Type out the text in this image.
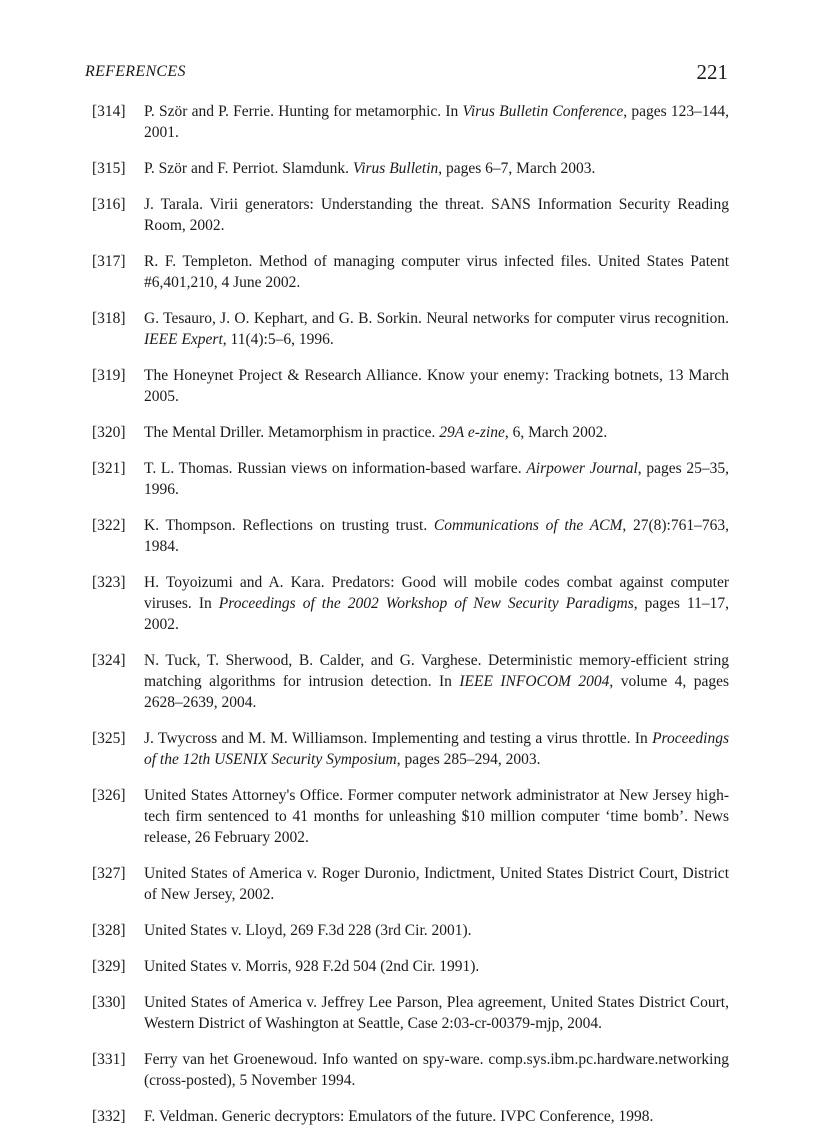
REFERENCES	221
[314] P. Ször and P. Ferrie. Hunting for metamorphic. In Virus Bulletin Conference, pages 123–144, 2001.
[315] P. Ször and F. Perriot. Slamdunk. Virus Bulletin, pages 6–7, March 2003.
[316] J. Tarala. Virii generators: Understanding the threat. SANS Information Security Reading Room, 2002.
[317] R. F. Templeton. Method of managing computer virus infected files. United States Patent #6,401,210, 4 June 2002.
[318] G. Tesauro, J. O. Kephart, and G. B. Sorkin. Neural networks for computer virus recognition. IEEE Expert, 11(4):5–6, 1996.
[319] The Honeynet Project & Research Alliance. Know your enemy: Tracking botnets, 13 March 2005.
[320] The Mental Driller. Metamorphism in practice. 29A e-zine, 6, March 2002.
[321] T. L. Thomas. Russian views on information-based warfare. Airpower Journal, pages 25–35, 1996.
[322] K. Thompson. Reflections on trusting trust. Communications of the ACM, 27(8):761–763, 1984.
[323] H. Toyoizumi and A. Kara. Predators: Good will mobile codes combat against computer viruses. In Proceedings of the 2002 Workshop of New Security Paradigms, pages 11–17, 2002.
[324] N. Tuck, T. Sherwood, B. Calder, and G. Varghese. Deterministic memory-efficient string matching algorithms for intrusion detection. In IEEE INFOCOM 2004, volume 4, pages 2628–2639, 2004.
[325] J. Twycross and M. M. Williamson. Implementing and testing a virus throttle. In Proceedings of the 12th USENIX Security Symposium, pages 285–294, 2003.
[326] United States Attorney's Office. Former computer network administrator at New Jersey high-tech firm sentenced to 41 months for unleashing $10 million computer ‘time bomb’. News release, 26 February 2002.
[327] United States of America v. Roger Duronio, Indictment, United States District Court, District of New Jersey, 2002.
[328] United States v. Lloyd, 269 F.3d 228 (3rd Cir. 2001).
[329] United States v. Morris, 928 F.2d 504 (2nd Cir. 1991).
[330] United States of America v. Jeffrey Lee Parson, Plea agreement, United States District Court, Western District of Washington at Seattle, Case 2:03-cr-00379-mjp, 2004.
[331] Ferry van het Groenewoud. Info wanted on spy-ware. comp.sys.ibm.pc.hardware.networking (cross-posted), 5 November 1994.
[332] F. Veldman. Generic decryptors: Emulators of the future. IVPC Conference, 1998.
